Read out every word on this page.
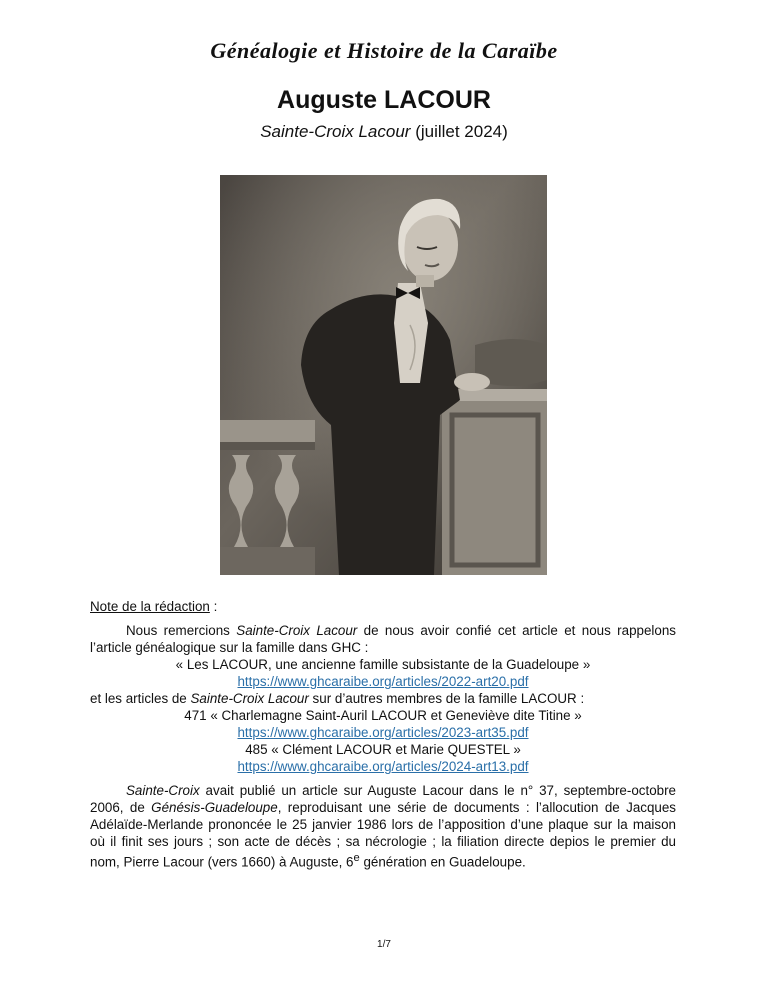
Généalogie et Histoire de la Caraïbe
Auguste LACOUR
Sainte-Croix Lacour (juillet 2024)

Note de la rédaction :

Nous remercions Sainte-Croix Lacour de nous avoir confié cet article et nous rappelons l’article généalogique sur la famille dans GHC :

« Les LACOUR, une ancienne famille subsistante de la Guadeloupe »

https://www.ghcaraibe.org/articles/2022-art20.pdf

et les articles de Sainte-Croix Lacour sur d’autres membres de la famille LACOUR :

471 « Charlemagne Saint-Auril LACOUR et Geneviève dite Titine »

https://www.ghcaraibe.org/articles/2023-art35.pdf

485 « Clément LACOUR et Marie QUESTEL »

https://www.ghcaraibe.org/articles/2024-art13.pdf

Sainte-Croix avait publié un article sur Auguste Lacour dans le n° 37, septembre-octobre 2006, de Génésis-Guadeloupe, reproduisant une série de documents : l’allocution de Jacques Adélaïde-Merlande prononcée le 25 janvier 1986 lors de l’apposition d’une plaque sur la maison où il finit ses jours ; son acte de décès ; sa nécrologie ; la filiation directe depios le premier du nom, Pierre Lacour (vers 1660) à Auguste, 6e génération en Guadeloupe.

1/7
